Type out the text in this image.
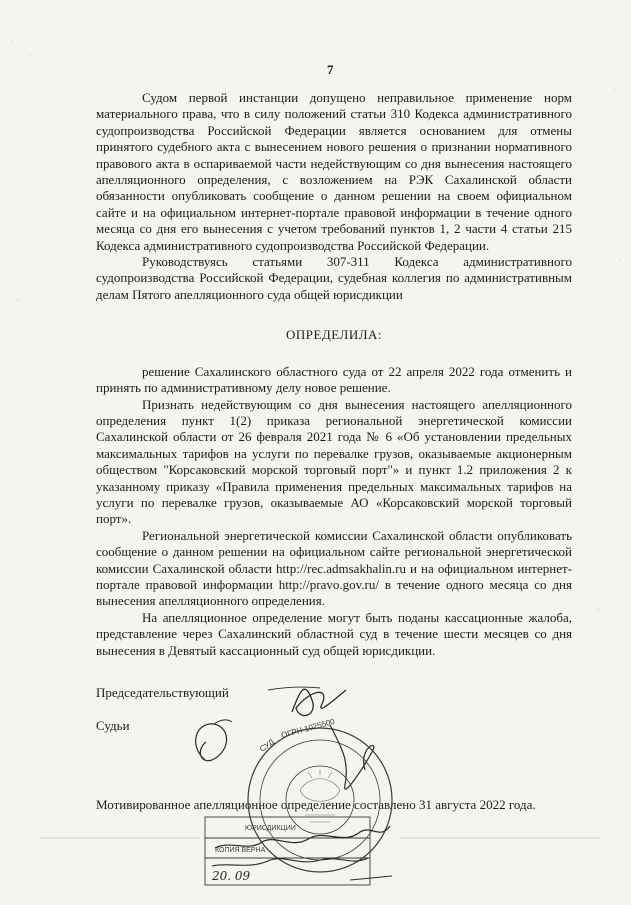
7

Судом первой инстанции допущено неправильное применение норм материального права, что в силу положений статьи 310 Кодекса административного судопроизводства Российской Федерации является основанием для отмены принятого судебного акта с вынесением нового решения о признании нормативного правового акта в оспариваемой части недействующим со дня вынесения настоящего апелляционного определения, с возложением на РЭК Сахалинской области обязанности опубликовать сообщение о данном решении на своем официальном сайте и на официальном интернет-портале правовой информации в течение одного месяца со дня его вынесения с учетом требований пунктов 1, 2 части 4 статьи 215 Кодекса административного судопроизводства Российской Федерации.

Руководствуясь статьями 307-311 Кодекса административного судопроизводства Российской Федерации, судебная коллегия по административным делам Пятого апелляционного суда общей юрисдикции

ОПРЕДЕЛИЛА:

решение Сахалинского областного суда от 22 апреля 2022 года отменить и принять по административному делу новое решение.

Признать недействующим со дня вынесения настоящего апелляционного определения пункт 1(2) приказа региональной энергетической комиссии Сахалинской области от 26 февраля 2021 года № 6 «Об установлении предельных максимальных тарифов на услуги по перевалке грузов, оказываемые акционерным обществом "Корсаковский морской торговый порт"» и пункт 1.2 приложения 2 к указанному приказу «Правила применения предельных максимальных тарифов на услуги по перевалке грузов, оказываемые АО «Корсаковский морской торговый порт».

Региональной энергетической комиссии Сахалинской области опубликовать сообщение о данном решении на официальном сайте региональной энергетической комиссии Сахалинской области http://rec.admsakhalin.ru и на официальном интернет-портале правовой информации http://pravo.gov.ru/ в течение одного месяца со дня вынесения апелляционного определения.

На апелляционное определение могут быть поданы кассационные жалоба, представление через Сахалинский областной суд в течение шести месяцев со дня вынесения в Девятый кассационный суд общей юрисдикции.

Председательствующий
Судьи
Мотивированное апелляционное определение составлено 31 августа 2022 года.
СУД
ОГРН 1025500
ЮРИСДИКЦИИ
КОПИЯ ВЕРНА
20. 09
